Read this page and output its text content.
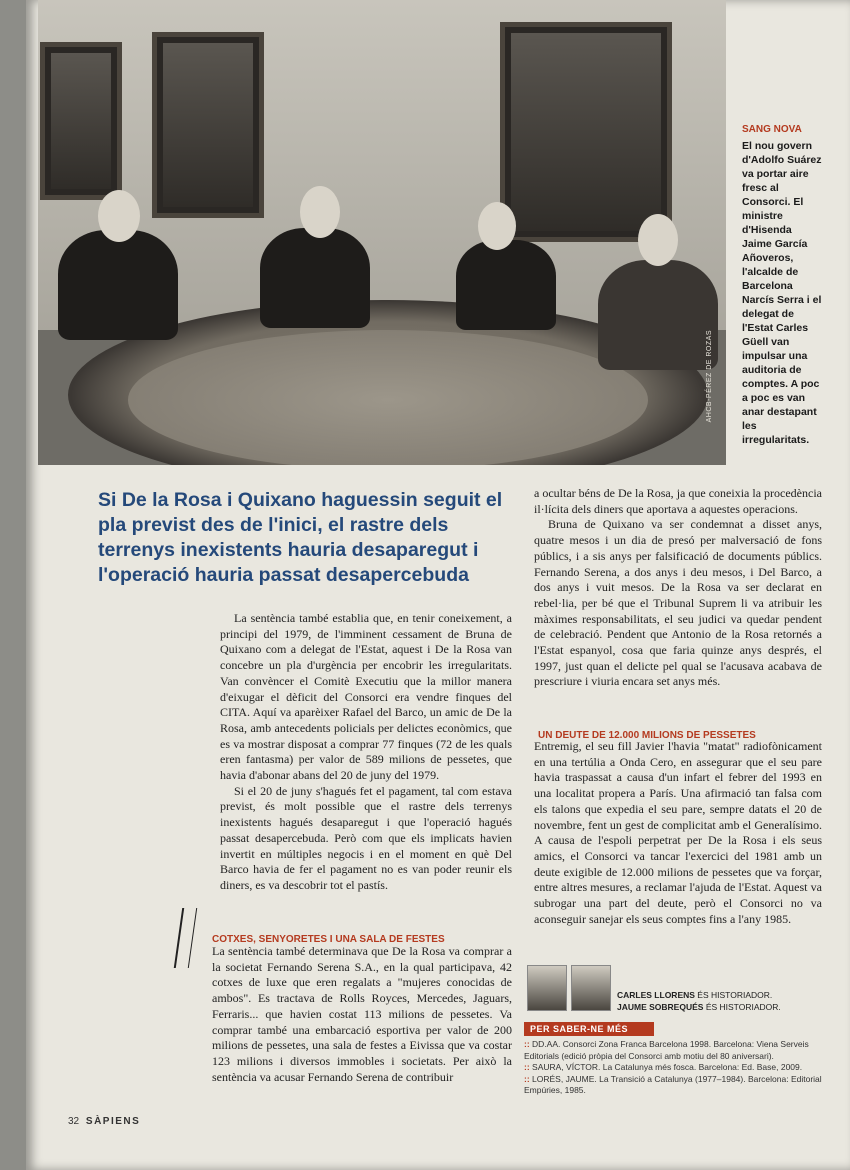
AHCB-PÉREZ DE ROZAS
SANG NOVA
El nou govern d'Adolfo Suárez va portar aire fresc al Consorci. El ministre d'Hisenda Jaime García Añoveros, l'alcalde de Barcelona Narcís Serra i el delegat de l'Estat Carles Güell van impulsar una auditoria de comptes. A poc a poc es van anar destapant les irregularitats.
Si De la Rosa i Quixano haguessin seguit el pla previst des de l'inici, el rastre dels terrenys inexistents hauria desaparegut i l'operació hauria passat desapercebuda

La sentència també establia que, en tenir coneixement, a principi del 1979, de l'imminent cessament de Bruna de Quixano com a delegat de l'Estat, aquest i De la Rosa van concebre un pla d'urgència per encobrir les irregularitats. Van convèncer el Comitè Executiu que la millor manera d'eixugar el dèficit del Consorci era vendre finques del CITA. Aquí va aparèixer Rafael del Barco, un amic de De la Rosa, amb antecedents policials per delictes econòmics, que es va mostrar disposat a comprar 77 finques (72 de les quals eren fantasma) per valor de 589 milions de pessetes, que havia d'abonar abans del 20 de juny del 1979.

Si el 20 de juny s'hagués fet el pagament, tal com estava previst, és molt possible que el rastre dels terrenys inexistents hagués desaparegut i que l'operació hagués passat desapercebuda. Però com que els implicats havien invertit en múltiples negocis i en el moment en què Del Barco havia de fer el pagament no es van poder reunir els diners, es va descobrir tot el pastís.

COTXES, SENYORETES I UNA SALA DE FESTES

La sentència també determinava que De la Rosa va comprar a la societat Fernando Serena S.A., en la qual participava, 42 cotxes de luxe que eren regalats a "mujeres conocidas de ambos". Es tractava de Rolls Royces, Mercedes, Jaguars, Ferraris... que havien costat 113 milions de pessetes. Va comprar també una embarcació esportiva per valor de 200 milions de pessetes, una sala de festes a Eivissa que va costar 123 milions i diversos immobles i societats. Per això la sentència va acusar Fernando Serena de contribuir

a ocultar béns de De la Rosa, ja que coneixia la procedència il·lícita dels diners que aportava a aquestes operacions.

Bruna de Quixano va ser condemnat a disset anys, quatre mesos i un dia de presó per malversació de fons públics, i a sis anys per falsificació de documents públics. Fernando Serena, a dos anys i deu mesos, i Del Barco, a dos anys i vuit mesos. De la Rosa va ser declarat en rebel·lia, per bé que el Tribunal Suprem li va atribuir les màximes responsabilitats, el seu judici va quedar pendent de celebració. Pendent que Antonio de la Rosa retornés a l'Estat espanyol, cosa que faria quinze anys després, el 1997, just quan el delicte pel qual se l'acusava acabava de prescriure i viuria encara set anys més.

UN DEUTE DE 12.000 MILIONS DE PESSETES

Entremig, el seu fill Javier l'havia "matat" radiofònicament en una tertúlia a Onda Cero, en assegurar que el seu pare havia traspassat a causa d'un infart el febrer del 1993 en una localitat propera a París. Una afirmació tan falsa com els talons que expedia el seu pare, sempre datats el 20 de novembre, fent un gest de complicitat amb el Generalísimo. A causa de l'espoli perpetrat per De la Rosa i els seus amics, el Consorci va tancar l'exercici del 1981 amb un deute exigible de 12.000 milions de pessetes que va forçar, entre altres mesures, a reclamar l'ajuda de l'Estat. Aquest va subrogar una part del deute, però el Consorci no va aconseguir sanejar els seus comptes fins a l'any 1985.

CARLES LLORENS ÉS HISTORIADOR.
JAUME SOBREQUÉS ÉS HISTORIADOR.
PER SABER-NE MÉS
:: DD.AA. Consorci Zona Franca Barcelona 1998. Barcelona: Viena Serveis Editorials (edició pròpia del Consorci amb motiu del 80 aniversari).
:: SAURA, VÍCTOR. La Catalunya més fosca. Barcelona: Ed. Base, 2009.
:: LORÉS, JAUME. La Transició a Catalunya (1977–1984). Barcelona: Editorial Empúries, 1985.
32 SÀPIENS
